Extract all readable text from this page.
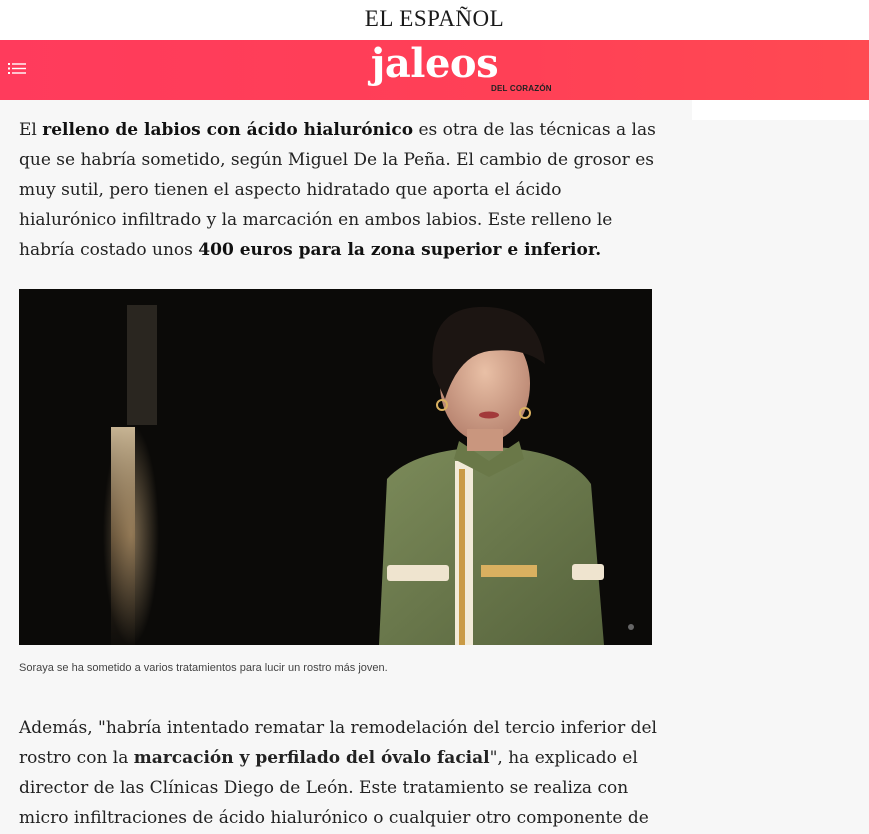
EL ESPAÑOL
jaleos
DEL CORAZÓN

El relleno de labios con ácido hialurónico es otra de las técnicas a las que se habría sometido, según Miguel De la Peña. El cambio de grosor es muy sutil, pero tienen el aspecto hidratado que aporta el ácido hialurónico infiltrado y la marcación en ambos labios. Este relleno le habría costado unos 400 euros para la zona superior e inferior.

Soraya se ha sometido a varios tratamientos para lucir un rostro más joven.

Además, "habría intentado rematar la remodelación del tercio inferior del rostro con la marcación y perfilado del óvalo facial", ha explicado el director de las Clínicas Diego de León. Este tratamiento se realiza con micro infiltraciones de ácido hialurónico o cualquier otro componente de
